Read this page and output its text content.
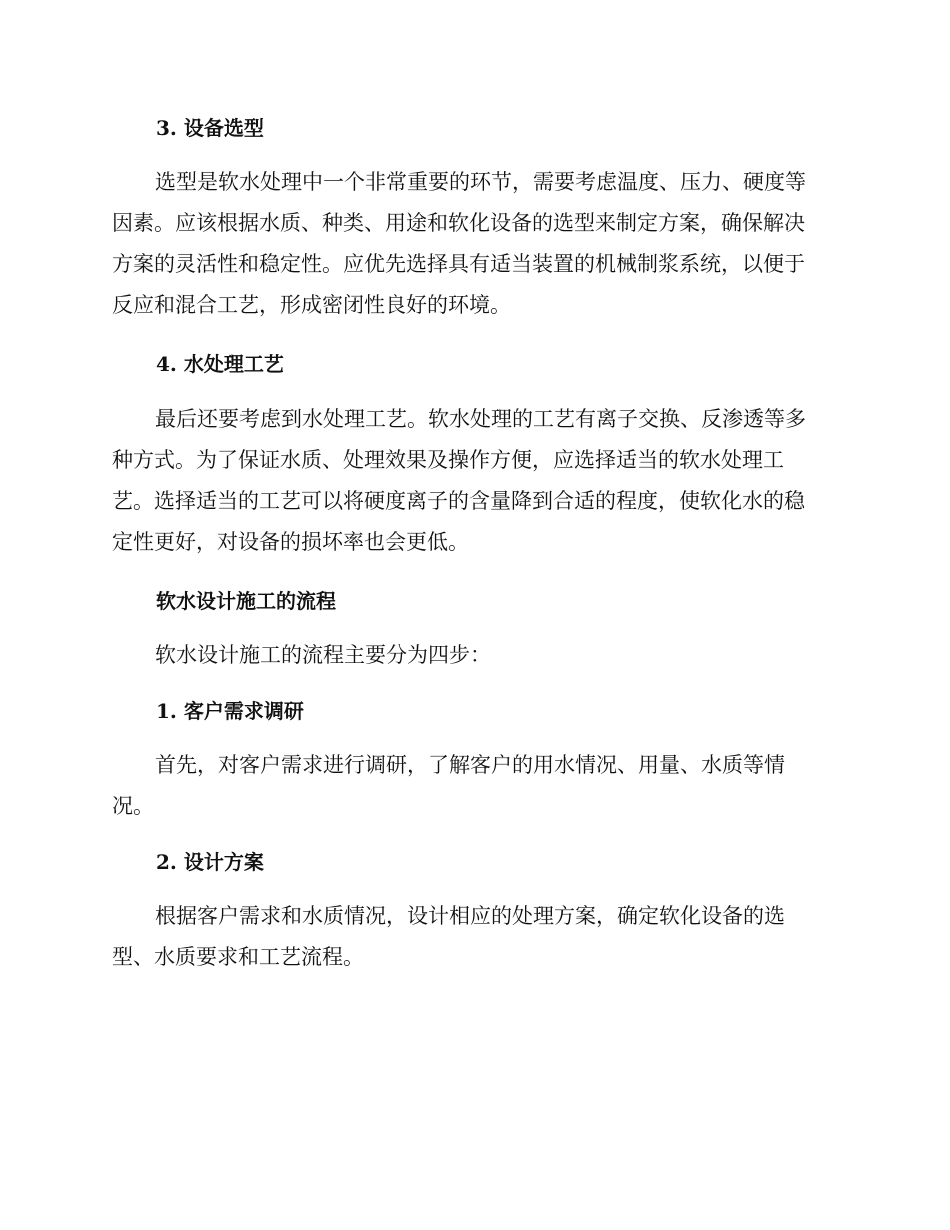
3. 设备选型
选型是软水处理中一个非常重要的环节，需要考虑温度、压力、硬度等
因素。应该根据水质、种类、用途和软化设备的选型来制定方案，确保解决
方案的灵活性和稳定性。应优先选择具有适当装置的机械制浆系统，以便于
反应和混合工艺，形成密闭性良好的环境。
4. 水处理工艺
最后还要考虑到水处理工艺。软水处理的工艺有离子交换、反渗透等多
种方式。为了保证水质、处理效果及操作方便，应选择适当的软水处理工
艺。选择适当的工艺可以将硬度离子的含量降到合适的程度，使软化水的稳
定性更好，对设备的损坏率也会更低。
软水设计施工的流程
软水设计施工的流程主要分为四步：
1. 客户需求调研
首先，对客户需求进行调研，了解客户的用水情况、用量、水质等情
况。
2. 设计方案
根据客户需求和水质情况，设计相应的处理方案，确定软化设备的选
型、水质要求和工艺流程。
